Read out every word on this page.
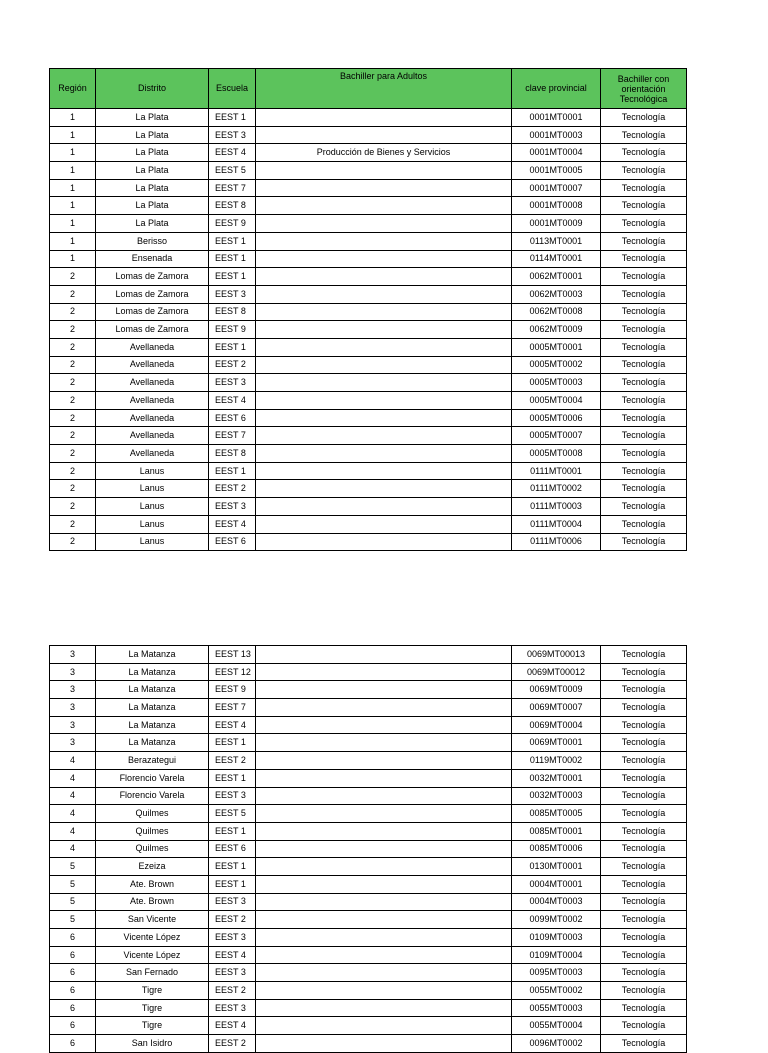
Región	Distrito	Escuela	Bachiller para Adultos	clave provincial	Bachiller con orientación Tecnológica
1	La Plata	EEST 1		0001MT0001	Tecnología
1	La Plata	EEST 3		0001MT0003	Tecnología
1	La Plata	EEST 4	Producción de Bienes y Servicios	0001MT0004	Tecnología
1	La Plata	EEST 5		0001MT0005	Tecnología
1	La Plata	EEST 7		0001MT0007	Tecnología
1	La Plata	EEST 8		0001MT0008	Tecnología
1	La Plata	EEST 9		0001MT0009	Tecnología
1	Berisso	EEST 1		0113MT0001	Tecnología
1	Ensenada	EEST 1		0114MT0001	Tecnología
2	Lomas de Zamora	EEST 1		0062MT0001	Tecnología
2	Lomas de Zamora	EEST 3		0062MT0003	Tecnología
2	Lomas de Zamora	EEST 8		0062MT0008	Tecnología
2	Lomas de Zamora	EEST 9		0062MT0009	Tecnología
2	Avellaneda	EEST 1		0005MT0001	Tecnología
2	Avellaneda	EEST 2		0005MT0002	Tecnología
2	Avellaneda	EEST 3		0005MT0003	Tecnología
2	Avellaneda	EEST 4		0005MT0004	Tecnología
2	Avellaneda	EEST 6		0005MT0006	Tecnología
2	Avellaneda	EEST 7		0005MT0007	Tecnología
2	Avellaneda	EEST 8		0005MT0008	Tecnología
2	Lanus	EEST 1		0111MT0001	Tecnología
2	Lanus	EEST 2		0111MT0002	Tecnología
2	Lanus	EEST 3		0111MT0003	Tecnología
2	Lanus	EEST 4		0111MT0004	Tecnología
2	Lanus	EEST 6		0111MT0006	Tecnología
3	La Matanza	EEST 13		0069MT00013	Tecnología
3	La Matanza	EEST 12		0069MT00012	Tecnología
3	La Matanza	EEST 9		0069MT0009	Tecnología
3	La Matanza	EEST 7		0069MT0007	Tecnología
3	La Matanza	EEST 4		0069MT0004	Tecnología
3	La Matanza	EEST 1		0069MT0001	Tecnología
4	Berazategui	EEST 2		0119MT0002	Tecnología
4	Florencio Varela	EEST 1		0032MT0001	Tecnología
4	Florencio Varela	EEST 3		0032MT0003	Tecnología
4	Quilmes	EEST 5		0085MT0005	Tecnología
4	Quilmes	EEST 1		0085MT0001	Tecnología
4	Quilmes	EEST 6		0085MT0006	Tecnología
5	Ezeiza	EEST 1		0130MT0001	Tecnología
5	Ate. Brown	EEST 1		0004MT0001	Tecnología
5	Ate. Brown	EEST 3		0004MT0003	Tecnología
5	San Vicente	EEST 2		0099MT0002	Tecnología
6	Vicente López	EEST 3		0109MT0003	Tecnología
6	Vicente López	EEST 4		0109MT0004	Tecnología
6	San Fernado	EEST 3		0095MT0003	Tecnología
6	Tigre	EEST 2		0055MT0002	Tecnología
6	Tigre	EEST 3		0055MT0003	Tecnología
6	Tigre	EEST 4		0055MT0004	Tecnología
6	San Isidro	EEST 2		0096MT0002	Tecnología
